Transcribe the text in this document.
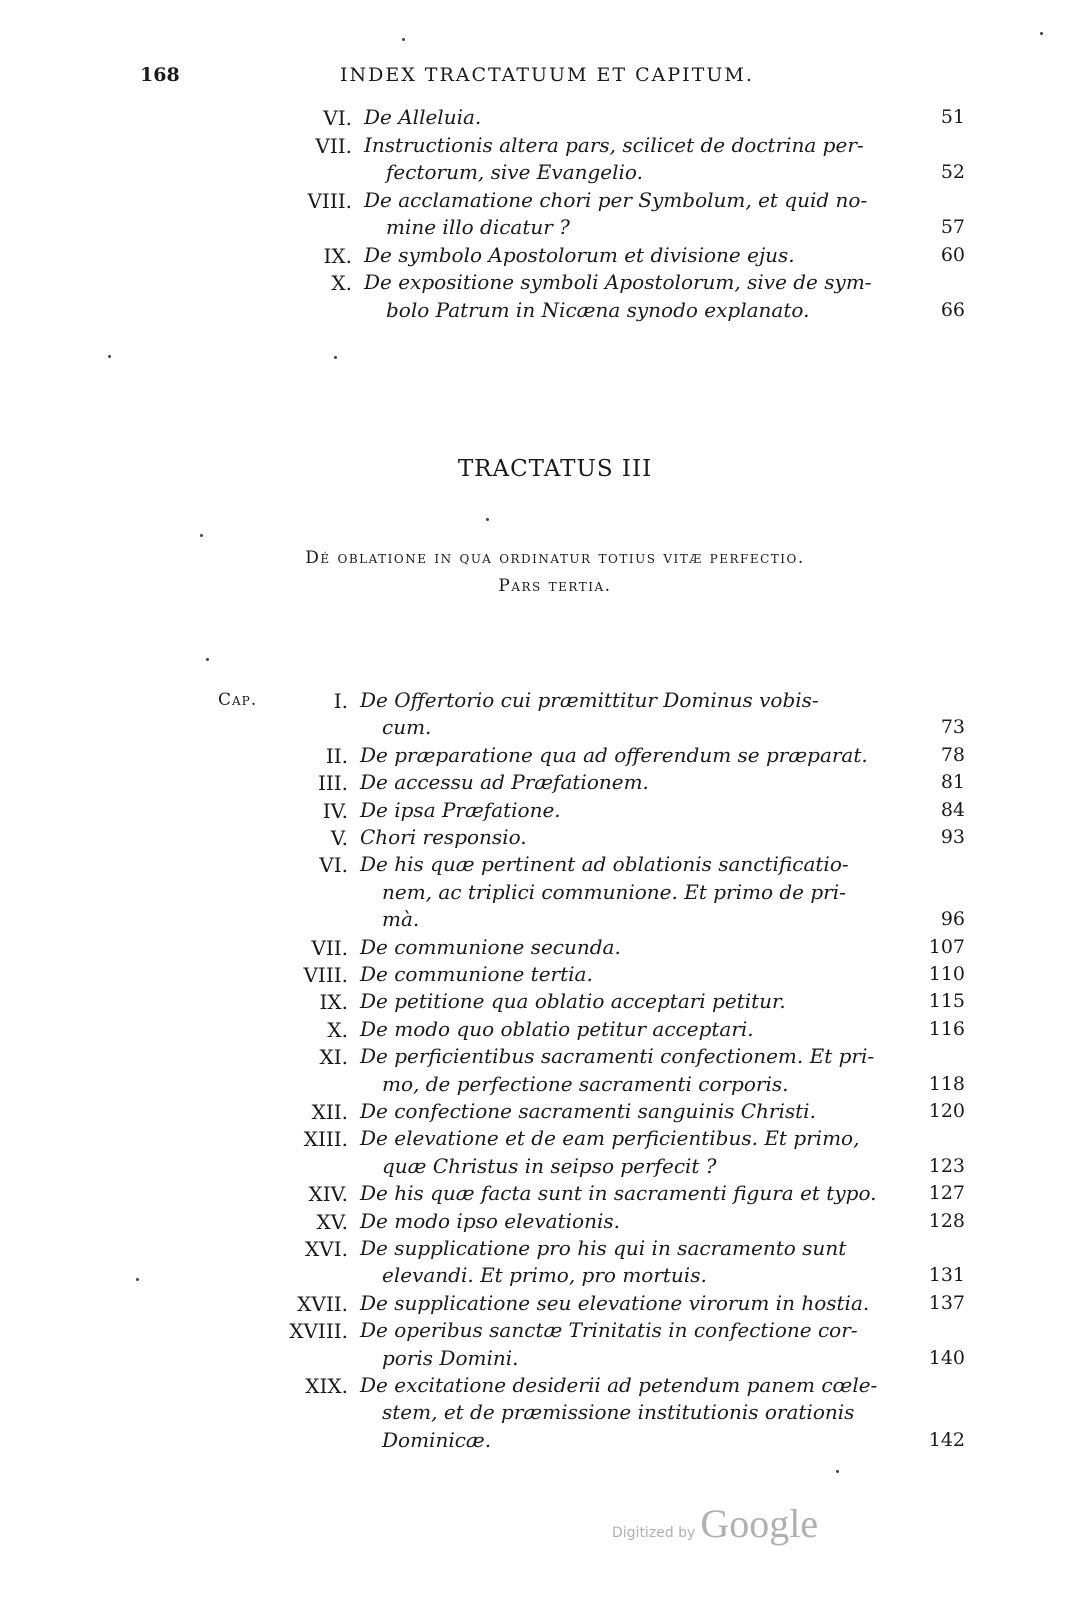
168	INDEX TRACTATUUM ET CAPITUM.
VI. De Alleluia.	51
VII. Instructionis altera pars, scilicet de doctrina per-
fectorum, sive Evangelio.	52
VIII. De acclamatione chori per Symbolum, et quid no-
mine illo dicatur ?	57
IX. De symbolo Apostolorum et divisione ejus.	60
X. De expositione symboli Apostolorum, sive de sym-
bolo Patrum in Nicæna synodo explanato.	66
TRACTATUS III
Dé oblatione in qua ordinatur totius vitæ perfectio.
Pars tertia.
Cap.	I. De Offertorio cui præmittitur Dominus vobis-
cum.	73
II. De præparatione qua ad offerendum se præparat.	78
III. De accessu ad Præfationem.	81
IV. De ipsa Præfatione.	84
V. Chori responsio.	93
VI. De his quæ pertinent ad oblationis sanctificatio-
nem, ac triplici communione. Et primo de pri-
mà.	96
VII. De communione secunda.	107
VIII. De communione tertia.	110
IX. De petitione qua oblatio acceptari petitur.	115
X. De modo quo oblatio petitur acceptari.	116
XI. De perficientibus sacramenti confectionem. Et pri-
mo, de perfectione sacramenti corporis.	118
XII. De confectione sacramenti sanguinis Christi.	120
XIII. De elevatione et de eam perficientibus. Et primo,
quæ Christus in seipso perfecit ?	123
XIV. De his quæ facta sunt in sacramenti figura et typo.	127
XV. De modo ipso elevationis.	128
XVI. De supplicatione pro his qui in sacramento sunt
elevandi. Et primo, pro mortuis.	131
XVII. De supplicatione seu elevatione virorum in hostia.	137
XVIII. De operibus sanctæ Trinitatis in confectione cor-
poris Domini.	140
XIX. De excitatione desiderii ad petendum panem cœle-
stem, et de præmissione institutionis orationis
Dominicæ.	142
Digitized by Google
